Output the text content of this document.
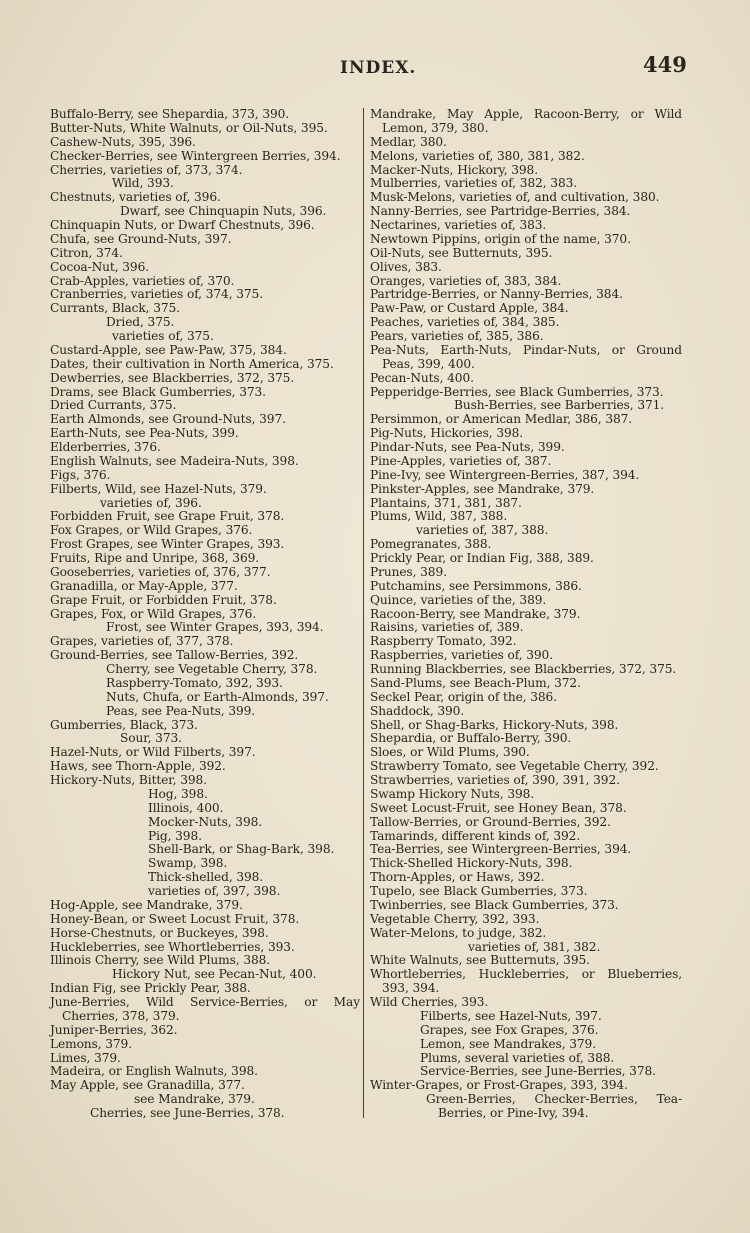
INDEX.	449
Buffalo-Berry, see Shepardia, 373, 390.
Butter-Nuts, White Walnuts, or Oil-Nuts, 395.
Cashew-Nuts, 395, 396.
Checker-Berries, see Wintergreen Berries, 394.
Cherries, varieties of, 373, 374.
Wild, 393.
Chestnuts, varieties of, 396.
Dwarf, see Chinquapin Nuts, 396.
Chinquapin Nuts, or Dwarf Chestnuts, 396.
Chufa, see Ground-Nuts, 397.
Citron, 374.
Cocoa-Nut, 396.
Crab-Apples, varieties of, 370.
Cranberries, varieties of, 374, 375.
Currants, Black, 375.
Dried, 375.
varieties of, 375.
Custard-Apple, see Paw-Paw, 375, 384.
Dates, their cultivation in North America, 375.
Dewberries, see Blackberries, 372, 375.
Drams, see Black Gumberries, 373.
Dried Currants, 375.
Earth Almonds, see Ground-Nuts, 397.
Earth-Nuts, see Pea-Nuts, 399.
Elderberries, 376.
English Walnuts, see Madeira-Nuts, 398.
Figs, 376.
Filberts, Wild, see Hazel-Nuts, 379.
varieties of, 396.
Forbidden Fruit, see Grape Fruit, 378.
Fox Grapes, or Wild Grapes, 376.
Frost Grapes, see Winter Grapes, 393.
Fruits, Ripe and Unripe, 368, 369.
Gooseberries, varieties of, 376, 377.
Granadilla, or May-Apple, 377.
Grape Fruit, or Forbidden Fruit, 378.
Grapes, Fox, or Wild Grapes, 376.
Frost, see Winter Grapes, 393, 394.
Grapes, varieties of, 377, 378.
Ground-Berries, see Tallow-Berries, 392.
Cherry, see Vegetable Cherry, 378.
Raspberry-Tomato, 392, 393.
Nuts, Chufa, or Earth-Almonds, 397.
Peas, see Pea-Nuts, 399.
Gumberries, Black, 373.
Sour, 373.
Hazel-Nuts, or Wild Filberts, 397.
Haws, see Thorn-Apple, 392.
Hickory-Nuts, Bitter, 398.
Hog, 398.
Illinois, 400.
Mocker-Nuts, 398.
Pig, 398.
Shell-Bark, or Shag-Bark, 398.
Swamp, 398.
Thick-shelled, 398.
varieties of, 397, 398.
Hog-Apple, see Mandrake, 379.
Honey-Bean, or Sweet Locust Fruit, 378.
Horse-Chestnuts, or Buckeyes, 398.
Huckleberries, see Whortleberries, 393.
Illinois Cherry, see Wild Plums, 388.
Hickory Nut, see Pecan-Nut, 400.
Indian Fig, see Prickly Pear, 388.
June-Berries, Wild Service-Berries, or May Cherries, 378, 379.
Juniper-Berries, 362.
Lemons, 379.
Limes, 379.
Madeira, or English Walnuts, 398.
May Apple, see Granadilla, 377.
see Mandrake, 379.
Cherries, see June-Berries, 378.
Mandrake, May Apple, Racoon-Berry, or Wild Lemon, 379, 380.
Medlar, 380.
Melons, varieties of, 380, 381, 382.
Macker-Nuts, Hickory, 398.
Mulberries, varieties of, 382, 383.
Musk-Melons, varieties of, and cultivation, 380.
Nanny-Berries, see Partridge-Berries, 384.
Nectarines, varieties of, 383.
Newtown Pippins, origin of the name, 370.
Oil-Nuts, see Butternuts, 395.
Olives, 383.
Oranges, varieties of, 383, 384.
Partridge-Berries, or Nanny-Berries, 384.
Paw-Paw, or Custard Apple, 384.
Peaches, varieties of, 384, 385.
Pears, varieties of, 385, 386.
Pea-Nuts, Earth-Nuts, Pindar-Nuts, or Ground Peas, 399, 400.
Pecan-Nuts, 400.
Pepperidge-Berries, see Black Gumberries, 373.
Bush-Berries, see Barberries, 371.
Persimmon, or American Medlar, 386, 387.
Pig-Nuts, Hickories, 398.
Pindar-Nuts, see Pea-Nuts, 399.
Pine-Apples, varieties of, 387.
Pine-Ivy, see Wintergreen-Berries, 387, 394.
Pinkster-Apples, see Mandrake, 379.
Plantains, 371, 381, 387.
Plums, Wild, 387, 388.
varieties of, 387, 388.
Pomegranates, 388.
Prickly Pear, or Indian Fig, 388, 389.
Prunes, 389.
Putchamins, see Persimmons, 386.
Quince, varieties of the, 389.
Racoon-Berry, see Mandrake, 379.
Raisins, varieties of, 389.
Raspberry Tomato, 392.
Raspberries, varieties of, 390.
Running Blackberries, see Blackberries, 372, 375.
Sand-Plums, see Beach-Plum, 372.
Seckel Pear, origin of the, 386.
Shaddock, 390.
Shell, or Shag-Barks, Hickory-Nuts, 398.
Shepardia, or Buffalo-Berry, 390.
Sloes, or Wild Plums, 390.
Strawberry Tomato, see Vegetable Cherry, 392.
Strawberries, varieties of, 390, 391, 392.
Swamp Hickory Nuts, 398.
Sweet Locust-Fruit, see Honey Bean, 378.
Tallow-Berries, or Ground-Berries, 392.
Tamarinds, different kinds of, 392.
Tea-Berries, see Wintergreen-Berries, 394.
Thick-Shelled Hickory-Nuts, 398.
Thorn-Apples, or Haws, 392.
Tupelo, see Black Gumberries, 373.
Twinberries, see Black Gumberries, 373.
Vegetable Cherry, 392, 393.
Water-Melons, to judge, 382.
varieties of, 381, 382.
White Walnuts, see Butternuts, 395.
Whortleberries, Huckleberries, or Blueberries, 393, 394.
Wild Cherries, 393.
Filberts, see Hazel-Nuts, 397.
Grapes, see Fox Grapes, 376.
Lemon, see Mandrakes, 379.
Plums, several varieties of, 388.
Service-Berries, see June-Berries, 378.
Winter-Grapes, or Frost-Grapes, 393, 394.
Green-Berries, Checker-Berries, Tea-Berries, or Pine-Ivy, 394.
